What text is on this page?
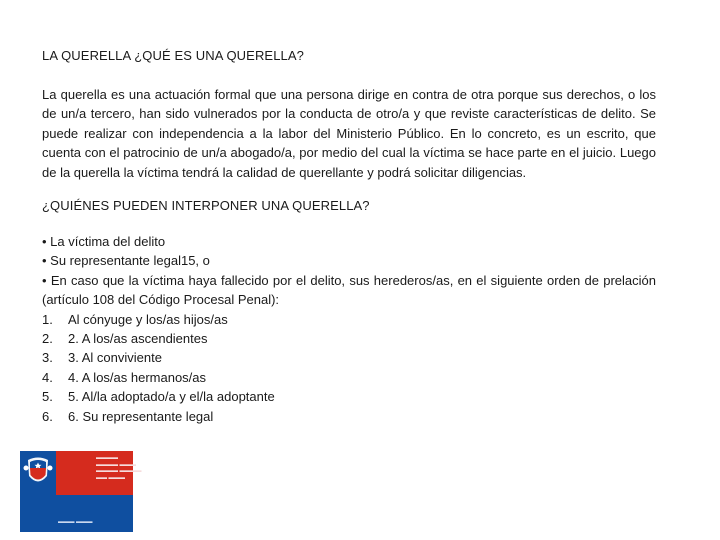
LA QUERELLA ¿QUÉ ES UNA QUERELLA?

La querella es una actuación formal que una persona dirige en contra de otra porque sus derechos, o los de un/a tercero, han sido vulnerados por la conducta de otro/a y que reviste características de delito. Se puede realizar con independencia a la labor del Ministerio Público. En lo concreto, es un escrito, que cuenta con el patrocinio de un/a abogado/a, por medio del cual la víctima se hace parte en el juicio. Luego de la querella la víctima tendrá la calidad de querellante y podrá solicitar diligencias.

¿QUIÉNES PUEDEN INTERPONER UNA QUERELLA?

• La víctima del delito
• Su representante legal15, o
• En caso que la víctima haya fallecido por el delito, sus herederos/as, en el siguiente orden de prelación (artículo 108 del Código Procesal Penal):
1. Al cónyuge y los/as hijos/as
2. 2. A los/as ascendientes
3. 3. Al conviviente
4. 4. A los/as hermanos/as
5. 5. Al/la adoptado/a y el/la adoptante
6. 6. Su representante legal
▬▬▬▬
▬▬▬▬ ▬▬▬
▬▬▬▬ ▬▬▬▬
▬▬ ▬▬▬
▬▬▬ ▬▬▬
